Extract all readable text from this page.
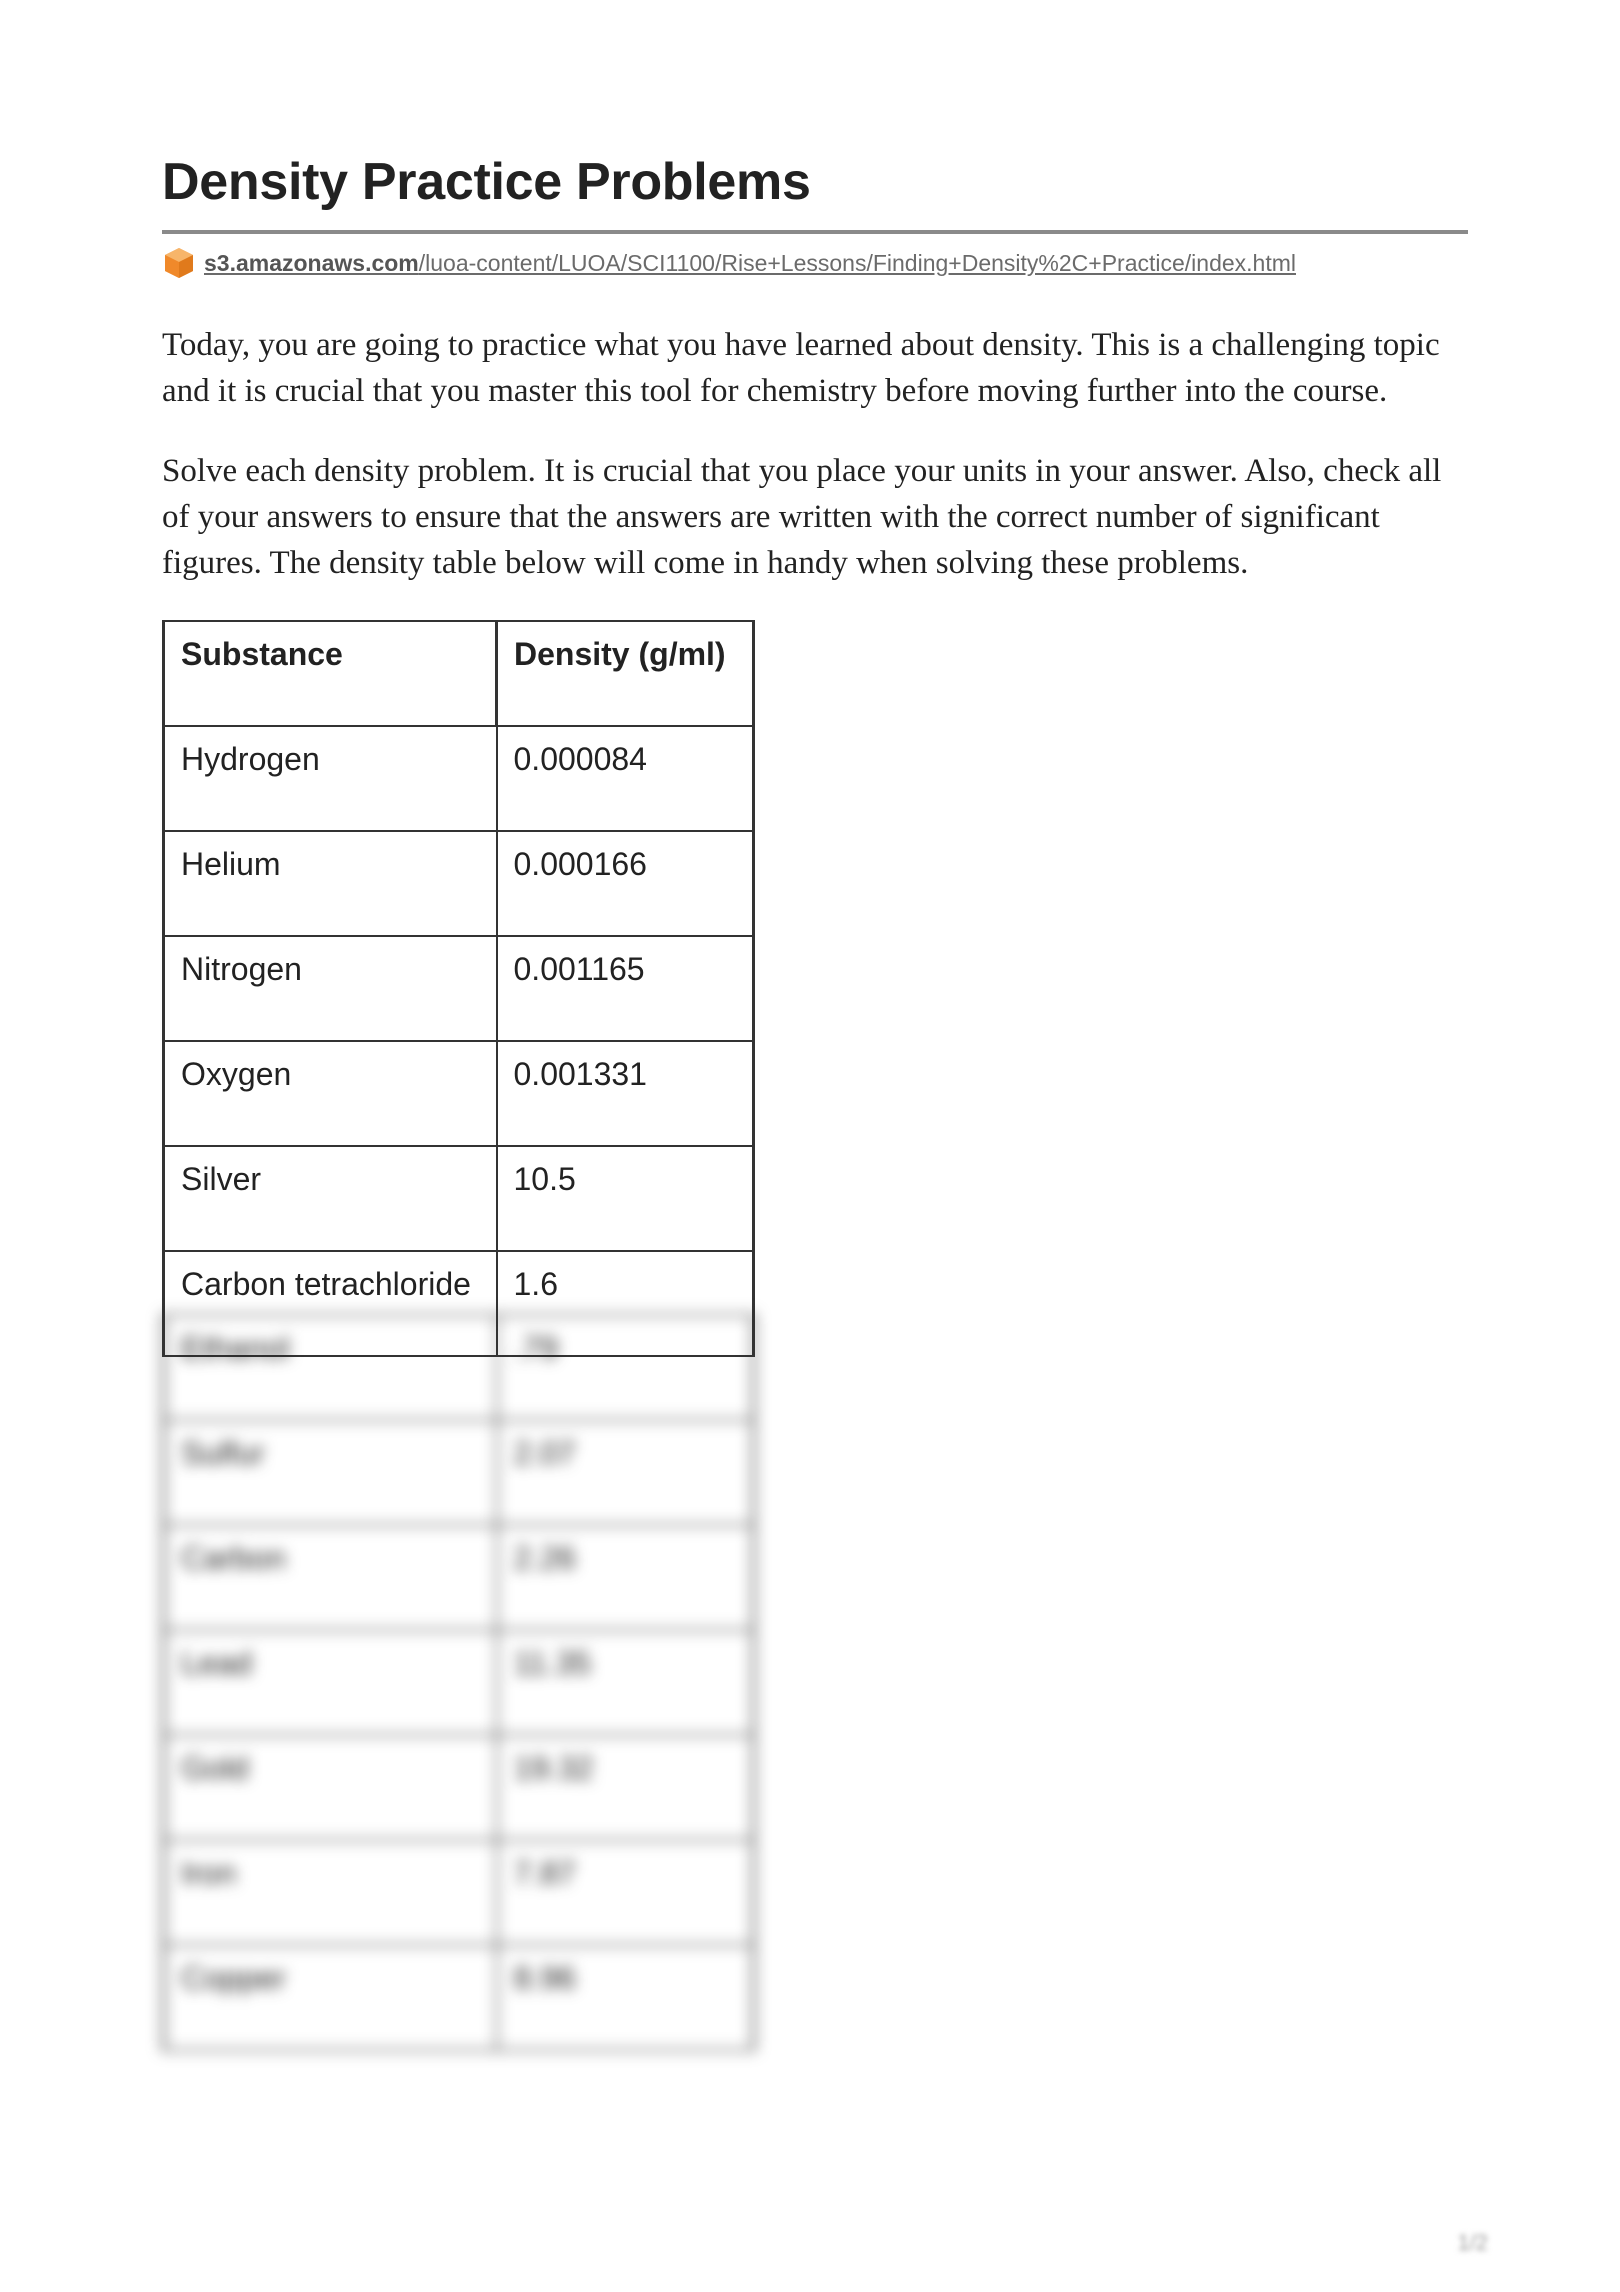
Density Practice Problems
s3.amazonaws.com/luoa-content/LUOA/SCI1100/Rise+Lessons/Finding+Density%2C+Practice/index.html

Today, you are going to practice what you have learned about density. This is a challenging topic and it is crucial that you master this tool for chemistry before moving further into the course.

Solve each density problem. It is crucial that you place your units in your answer. Also, check all of your answers to ensure that the answers are written with the correct number of significant figures. The density table below will come in handy when solving these problems.

Substance	Density (g/ml)
Hydrogen	0.000084
Helium	0.000166
Nitrogen	0.001165
Oxygen	0.001331
Silver	10.5
Carbon tetrachloride	1.6
Ethanol	.79
Sulfur	2.07
Carbon	2.26
Lead	11.35
Gold	19.32
Iron	7.87
Copper	8.96
1/2
